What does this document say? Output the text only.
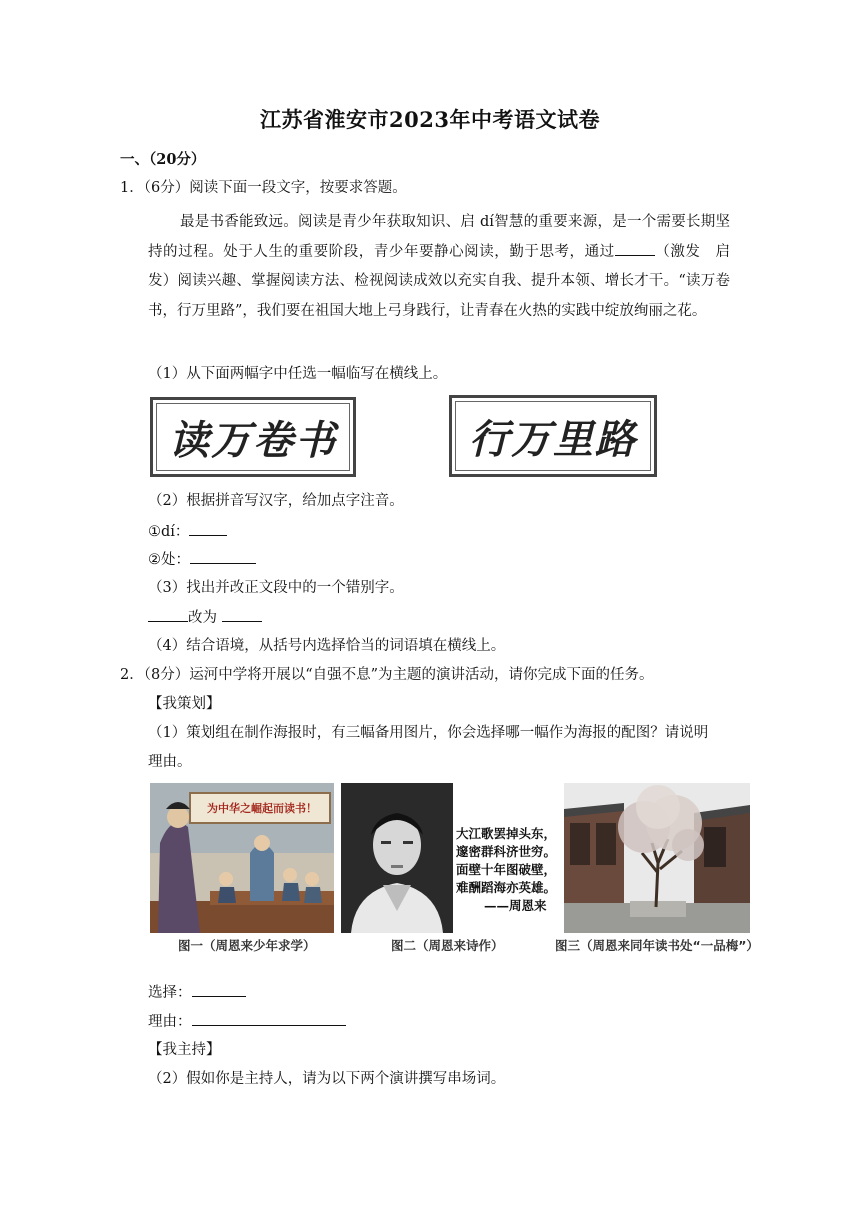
江苏省淮安市2023年中考语文试卷
一、（20分）
1．（6分）阅读下面一段文字，按要求答题。
最是书香能致远。阅读是青少年获取知识、启 dí智慧的重要来源，是一个需要长期坚持的过程。处于人生的重要阶段，青少年要静心阅读，勤于思考，通过	（激发　启发）阅读兴趣、掌握阅读方法、检视阅读成效以充实自我、提升本领、增长才干。“读万卷书，行万里路”，我们要在祖国大地上弓身践行，让青春在火热的实践中绽放绚丽之花。
（1）从下面两幅字中任选一幅临写在横线上。
读万卷书	行万里路
（2）根据拼音写汉字，给加点字注音。
①dí：
②处：
（3）找出并改正文段中的一个错别字。
改为
（4）结合语境，从括号内选择恰当的词语填在横线上。
2．（8分）运河中学将开展以“自强不息”为主题的演讲活动，请你完成下面的任务。
【我策划】
（1）策划组在制作海报时，有三幅备用图片，你会选择哪一幅作为海报的配图？请说明
理由。
为中华之崛起而读书！
图一（周恩来少年求学）
大江歌罢掉头东，
邃密群科济世穷。
面壁十年图破壁，
难酬蹈海亦英雄。
——周恩来
图二（周恩来诗作）	图三（周恩来同年读书处“一品梅”）
选择：
理由：
【我主持】
（2）假如你是主持人，请为以下两个演讲撰写串场词。
